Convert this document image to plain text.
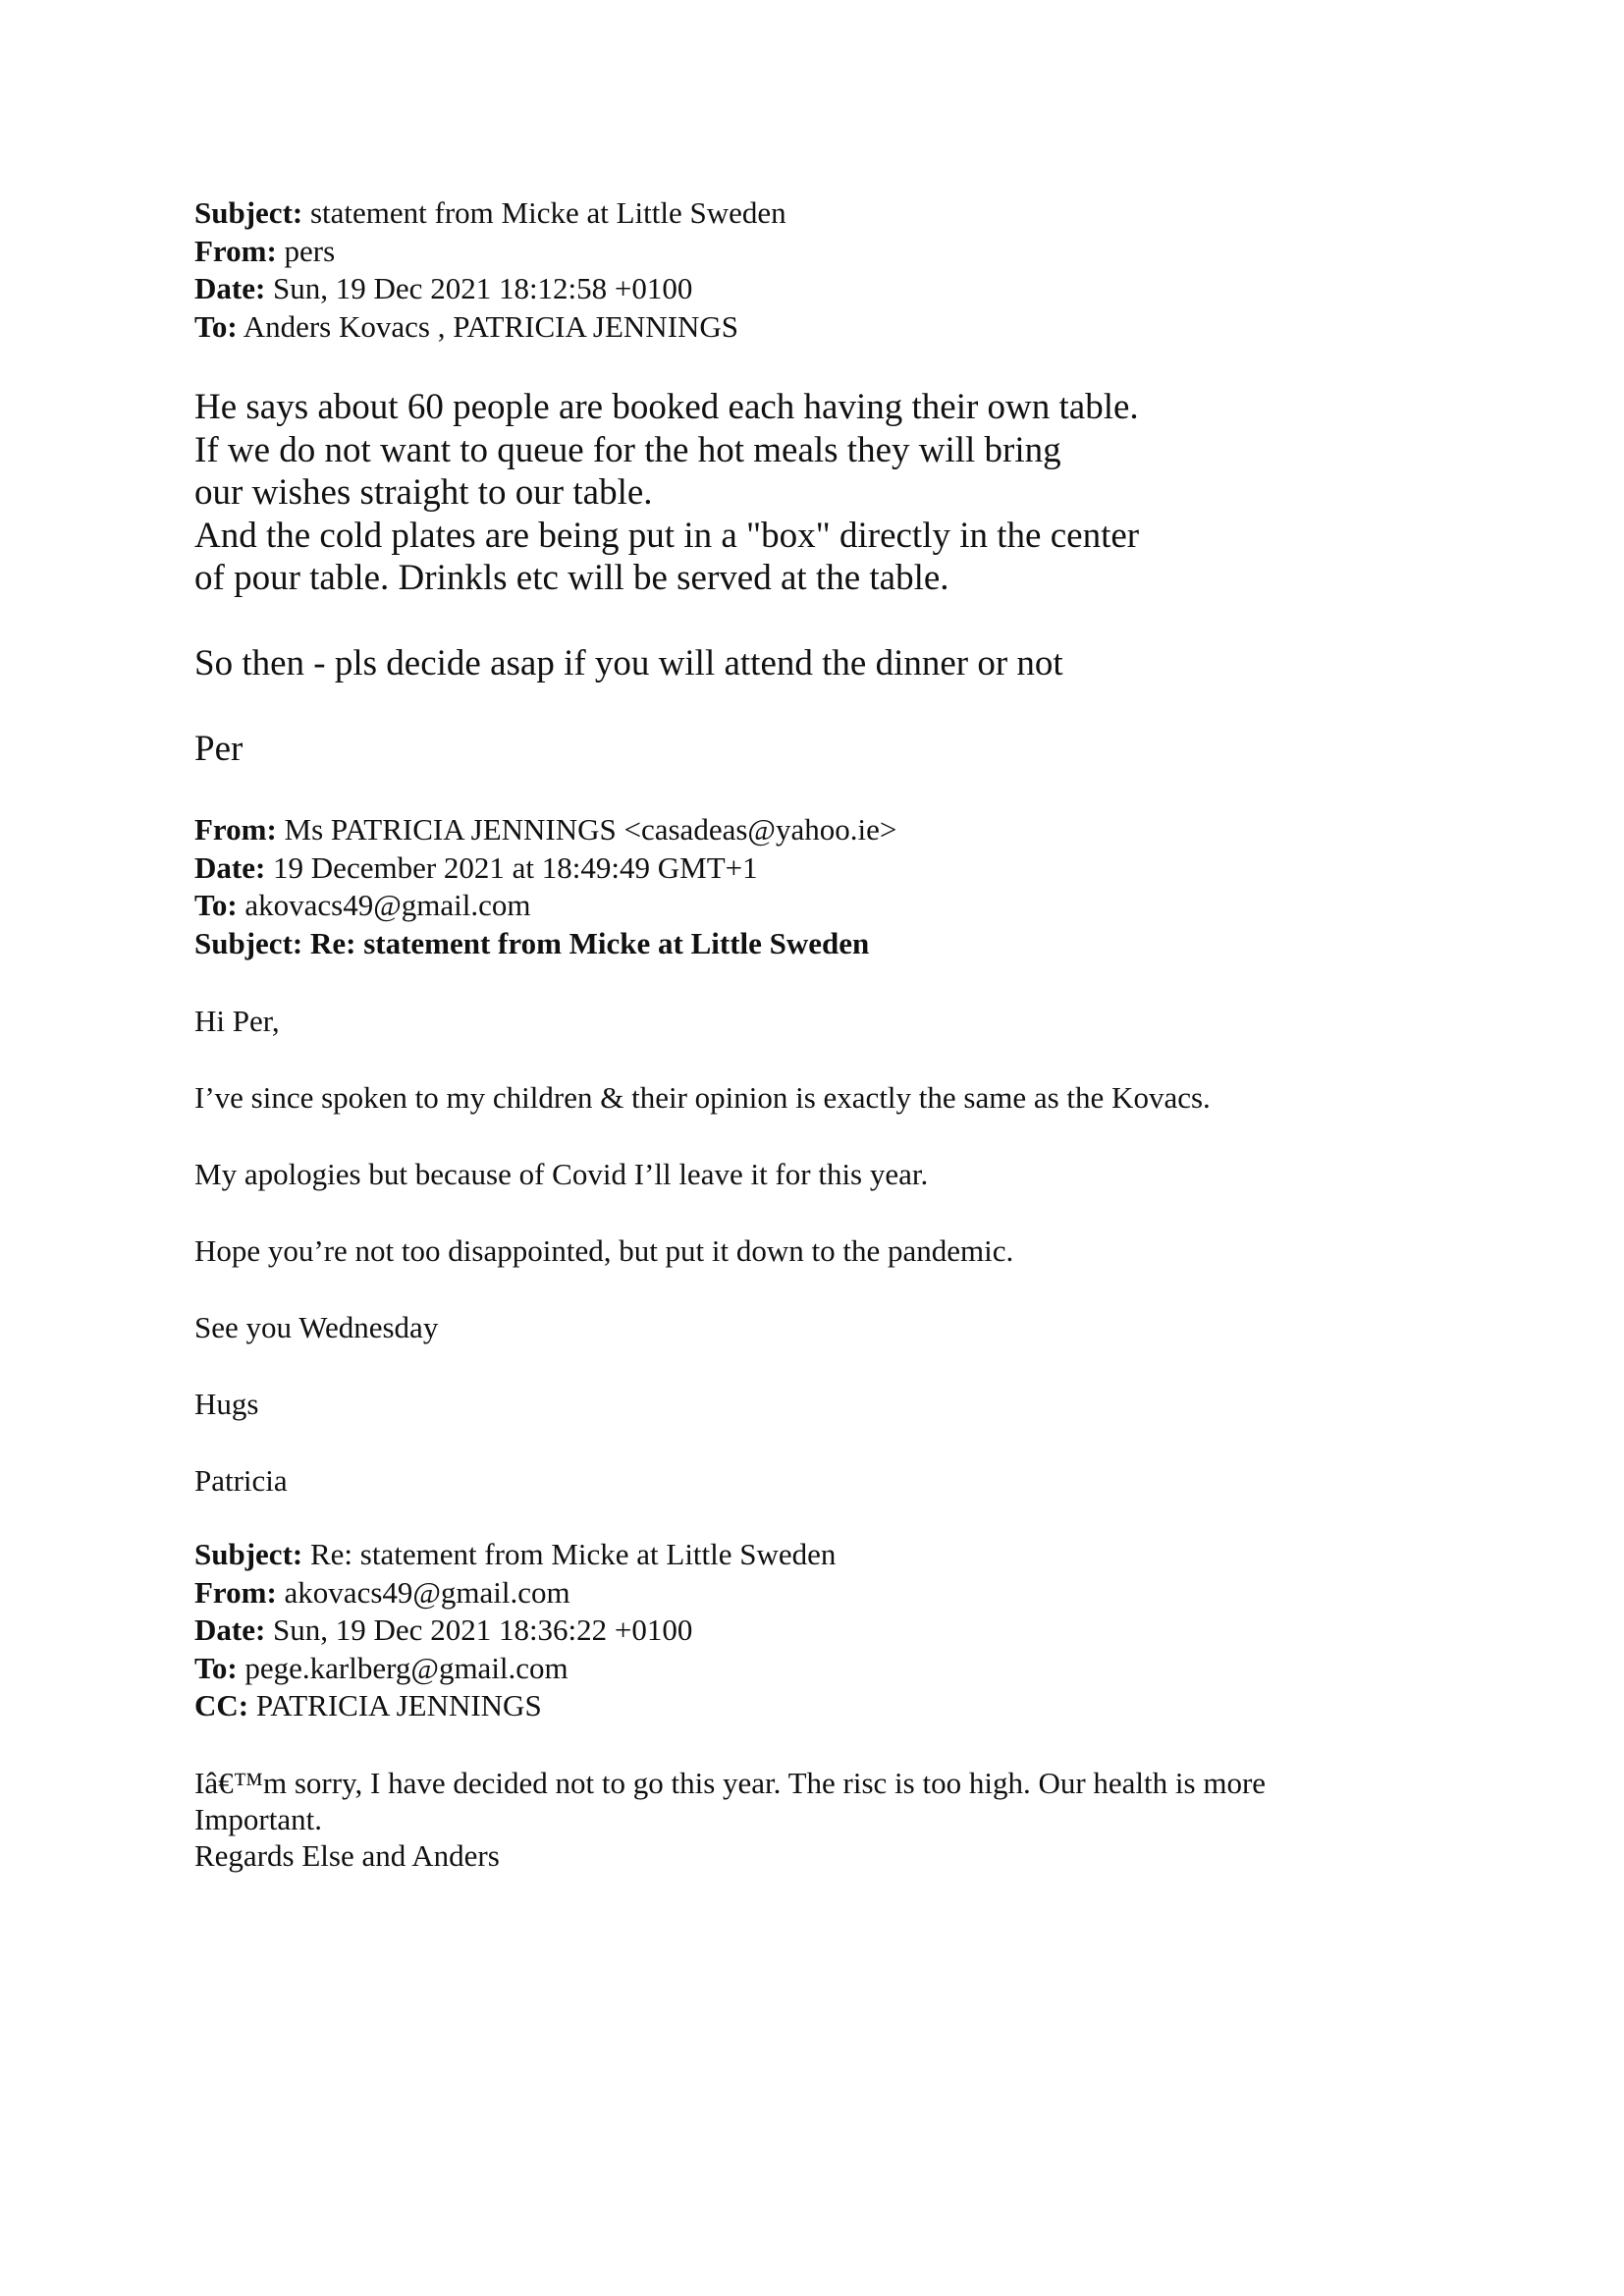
Subject: statement from Micke at Little Sweden
From: pers
Date: Sun, 19 Dec 2021 18:12:58 +0100
To: Anders Kovacs , PATRICIA JENNINGS

He says about 60 people are booked each having their own table.

If we do not want to queue for the hot meals they will bring

our wishes straight to our table.

And the cold plates are being put in a "box" directly in the center

of pour table. Drinkls etc will be served at the table.

So then - pls decide asap if you will attend the dinner or not
Per
From: Ms PATRICIA JENNINGS <casadeas@yahoo.ie>
Date: 19 December 2021 at 18:49:49 GMT+1
To: akovacs49@gmail.com
Subject: Re: statement from Micke at Little Sweden
Hi Per,
I’ve since spoken to my children & their opinion is exactly the same as the Kovacs.
My apologies but because of Covid I’ll leave it for this year.
Hope you’re not too disappointed, but put it down to the pandemic.
See you Wednesday
Hugs
Patricia
Subject: Re: statement from Micke at Little Sweden
From: akovacs49@gmail.com
Date: Sun, 19 Dec 2021 18:36:22 +0100
To: pege.karlberg@gmail.com
CC: PATRICIA JENNINGS

Iâ€™m sorry, I have decided not to go this year. The risc is too high. Our health is more

Important.

Regards Else and Anders
